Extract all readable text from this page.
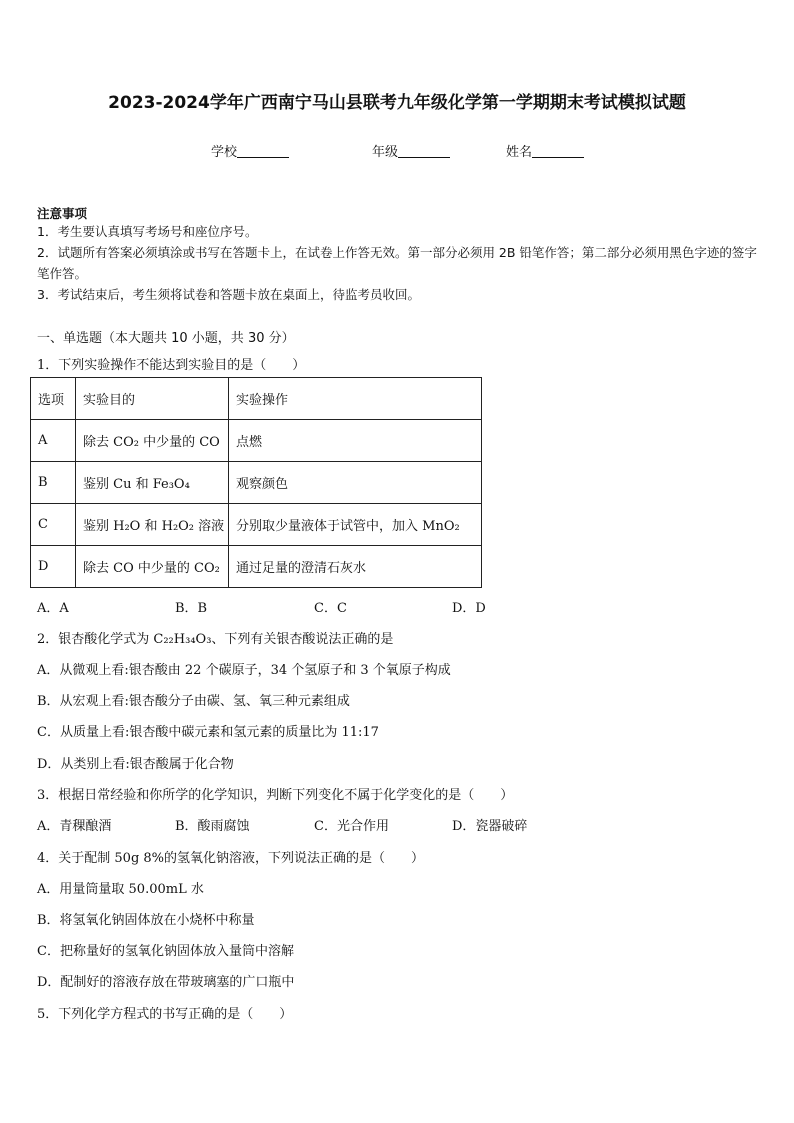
2023-2024学年广西南宁马山县联考九年级化学第一学期期末考试模拟试题
学校	年级	姓名
注意事项
1．考生要认真填写考场号和座位序号。
2．试题所有答案必须填涂或书写在答题卡上，在试卷上作答无效。第一部分必须用 2B 铅笔作答；第二部分必须用黑色字迹的签字笔作答。
3．考试结束后，考生须将试卷和答题卡放在桌面上，待监考员收回。
一、单选题（本大题共 10 小题，共 30 分）
1．下列实验操作不能达到实验目的是（　　）
选项	实验目的	实验操作
A	除去 CO₂ 中少量的 CO	点燃
B	鉴别 Cu 和 Fe₃O₄	观察颜色
C	鉴别 H₂O 和 H₂O₂ 溶液	分别取少量液体于试管中，加入 MnO₂
D	除去 CO 中少量的 CO₂	通过足量的澄清石灰水
A．A	B．B	C．C	D．D
2．银杏酸化学式为 C₂₂H₃₄O₃、下列有关银杏酸说法正确的是
A．从微观上看:银杏酸由 22 个碳原子，34 个氢原子和 3 个氧原子构成
B．从宏观上看:银杏酸分子由碳、氢、氧三种元素组成
C．从质量上看:银杏酸中碳元素和氢元素的质量比为 11:17
D．从类别上看:银杏酸属于化合物
3．根据日常经验和你所学的化学知识，判断下列变化不属于化学变化的是（　　）
A．青稞酿酒	B．酸雨腐蚀	C．光合作用	D．瓷器破碎
4．关于配制 50g 8%的氢氧化钠溶液，下列说法正确的是（　　）
A．用量筒量取 50.00mL 水
B．将氢氧化钠固体放在小烧杯中称量
C．把称量好的氢氧化钠固体放入量筒中溶解
D．配制好的溶液存放在带玻璃塞的广口瓶中
5．下列化学方程式的书写正确的是（　　）
